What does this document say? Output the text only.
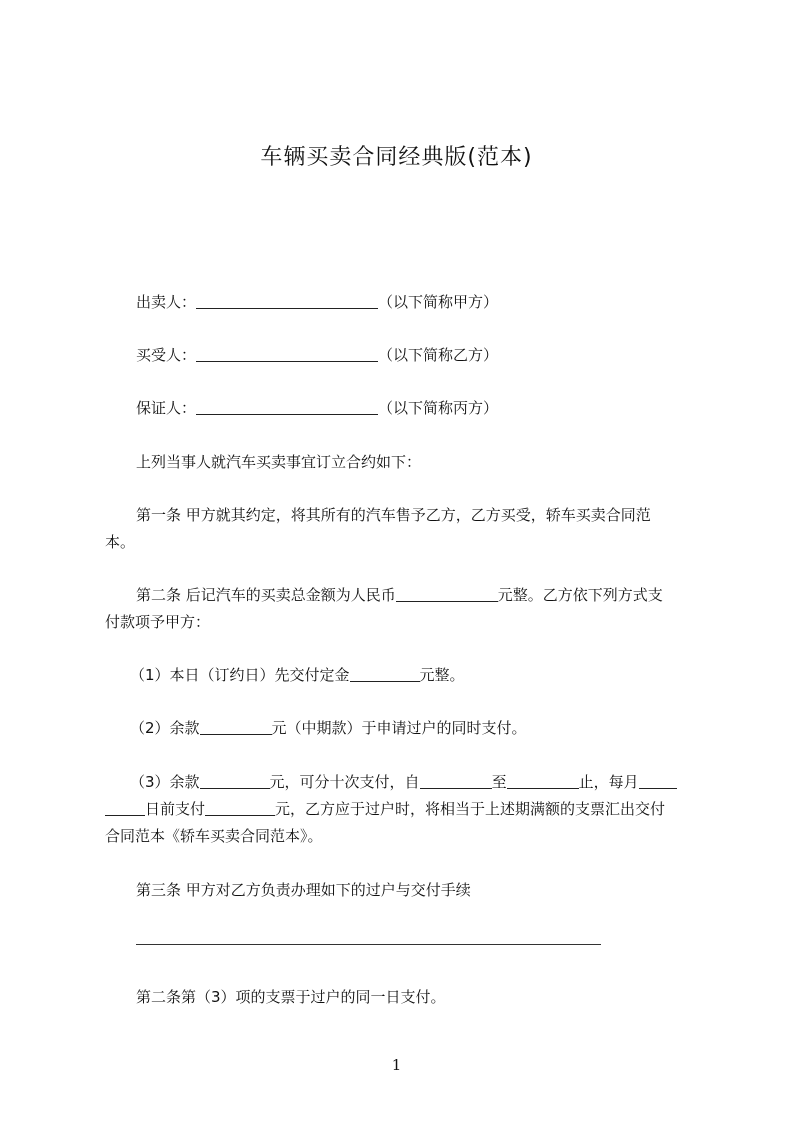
车辆买卖合同经典版(范本)
出卖人：	（以下简称甲方）
买受人：	（以下简称乙方）
保证人：	（以下简称丙方）
上列当事人就汽车买卖事宜订立合约如下：
第一条 甲方就其约定，将其所有的汽车售予乙方，乙方买受，轿车买卖合同范
本。
第二条 后记汽车的买卖总金额为人民币	元整。乙方依下列方式支
付款项予甲方：
（1）本日（订约日）先交付定金	元整。
（2）余款	元（中期款）于申请过户的同时支付。
（3）余款	元，可分十次支付，自	至	止，每月
日前支付	元，乙方应于过户时，将相当于上述期满额的支票汇出交付
合同范本《轿车买卖合同范本》。
第三条 甲方对乙方负责办理如下的过户与交付手续
第二条第（3）项的支票于过户的同一日支付。
1
